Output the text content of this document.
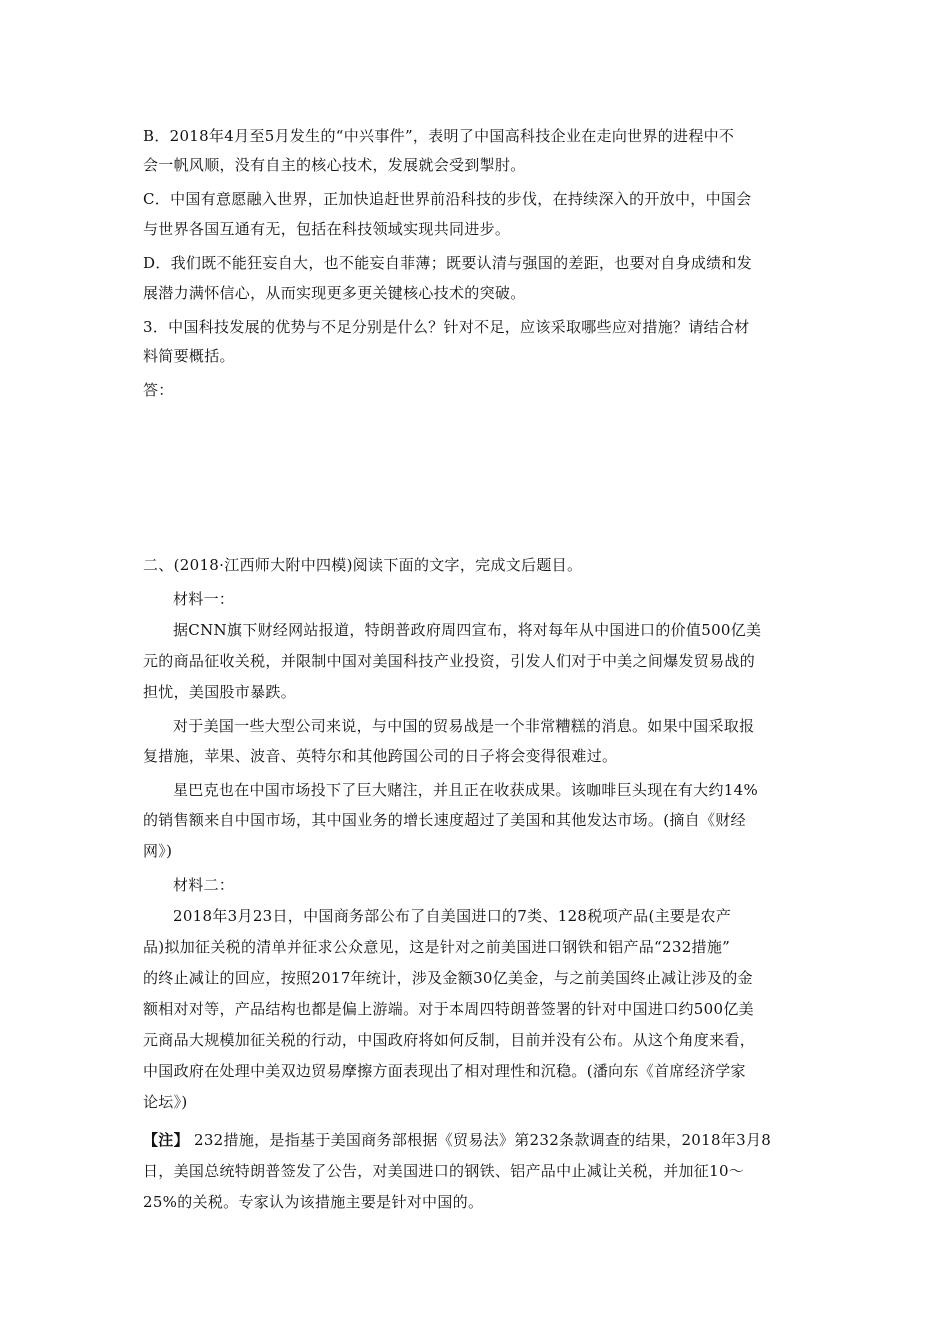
B．2018年4月至5月发生的“中兴事件”，表明了中国高科技企业在走向世界的进程中不
会一帆风顺，没有自主的核心技术，发展就会受到掣肘。
C．中国有意愿融入世界，正加快追赶世界前沿科技的步伐，在持续深入的开放中，中国会
与世界各国互通有无，包括在科技领域实现共同进步。
D．我们既不能狂妄自大，也不能妄自菲薄；既要认清与强国的差距，也要对自身成绩和发
展潜力满怀信心，从而实现更多更关键核心技术的突破。
3．中国科技发展的优势与不足分别是什么？针对不足，应该采取哪些应对措施？请结合材
料简要概括。
答：
二、(2018·江西师大附中四模)阅读下面的文字，完成文后题目。
材料一：
据CNN旗下财经网站报道，特朗普政府周四宣布，将对每年从中国进口的价值500亿美
元的商品征收关税，并限制中国对美国科技产业投资，引发人们对于中美之间爆发贸易战的
担忧，美国股市暴跌。
对于美国一些大型公司来说，与中国的贸易战是一个非常糟糕的消息。如果中国采取报
复措施，苹果、波音、英特尔和其他跨国公司的日子将会变得很难过。
星巴克也在中国市场投下了巨大赌注，并且正在收获成果。该咖啡巨头现在有大约14%
的销售额来自中国市场，其中国业务的增长速度超过了美国和其他发达市场。(摘自《财经
网》)
材料二：
2018年3月23日，中国商务部公布了自美国进口的7类、128税项产品(主要是农产
品)拟加征关税的清单并征求公众意见，这是针对之前美国进口钢铁和铝产品“232措施”
的终止减让的回应，按照2017年统计，涉及金额30亿美金，与之前美国终止减让涉及的金
额相对对等，产品结构也都是偏上游端。对于本周四特朗普签署的针对中国进口约500亿美
元商品大规模加征关税的行动，中国政府将如何反制，目前并没有公布。从这个角度来看，
中国政府在处理中美双边贸易摩擦方面表现出了相对理性和沉稳。(潘向东《首席经济学家
论坛》)
【注】 232措施，是指基于美国商务部根据《贸易法》第232条款调查的结果，2018年3月8
日，美国总统特朗普签发了公告，对美国进口的钢铁、铝产品中止减让关税，并加征10～
25%的关税。专家认为该措施主要是针对中国的。
